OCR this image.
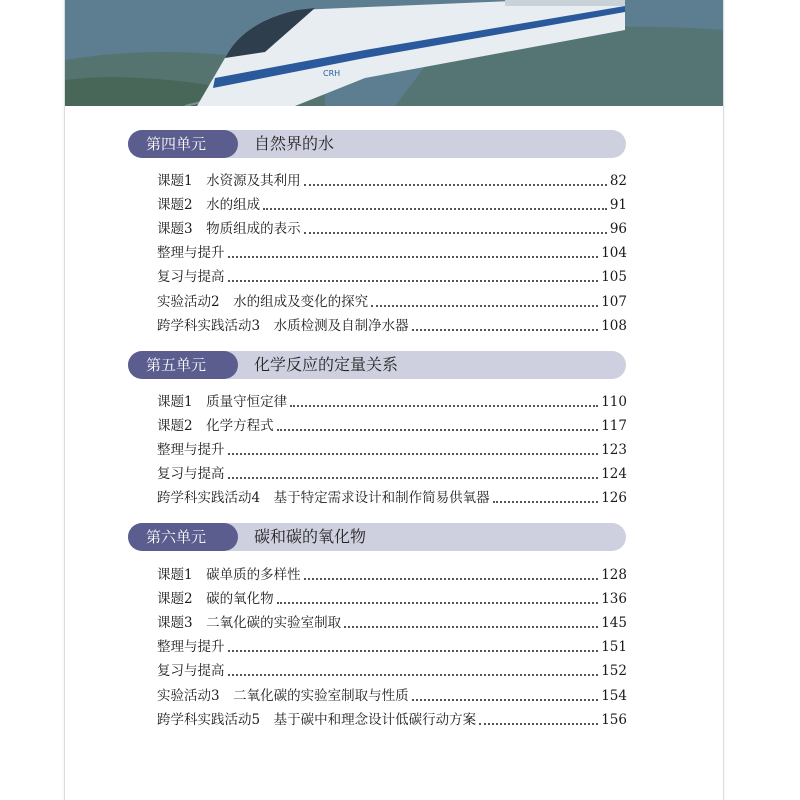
CRH
第四单元	自然界的水
课题1　水资源及其利用	82
课题2　水的组成	91
课题3　物质组成的表示	96
整理与提升	104
复习与提高	105
实验活动2　水的组成及变化的探究	107
跨学科实践活动3　水质检测及自制净水器	108
第五单元	化学反应的定量关系
课题1　质量守恒定律	110
课题2　化学方程式	117
整理与提升	123
复习与提高	124
跨学科实践活动4　基于特定需求设计和制作简易供氧器	126
第六单元	碳和碳的氧化物
课题1　碳单质的多样性	128
课题2　碳的氧化物	136
课题3　二氧化碳的实验室制取	145
整理与提升	151
复习与提高	152
实验活动3　二氧化碳的实验室制取与性质	154
跨学科实践活动5　基于碳中和理念设计低碳行动方案	156
